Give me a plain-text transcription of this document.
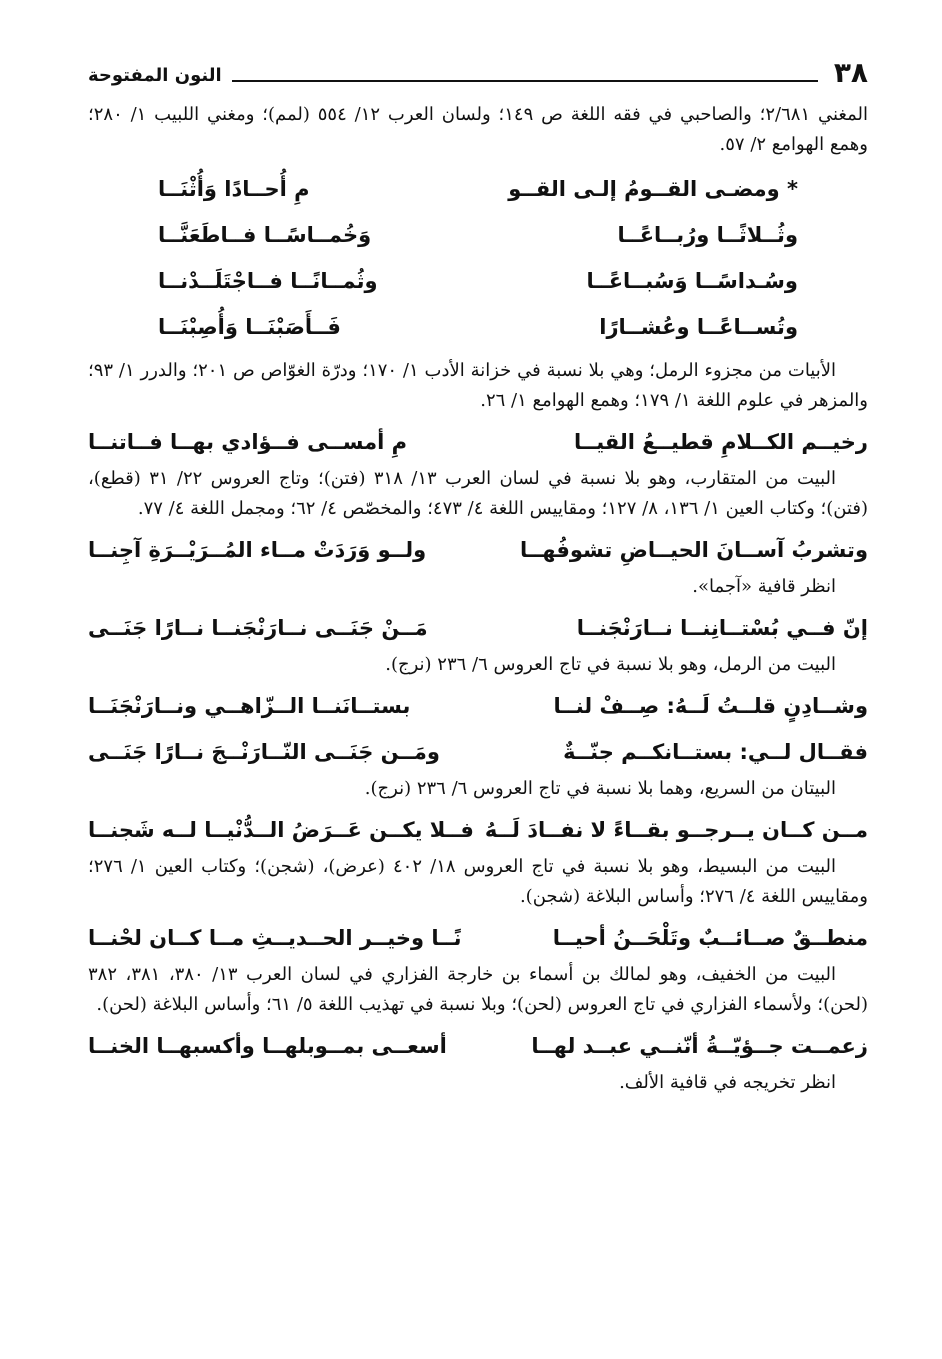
٣٨
النون المفتوحة

المغني ٢/٦٨١؛ والصاحبي في فقه اللغة ص ١٤٩؛ ولسان العرب ١٢/ ٥٥٤ (لمم)؛ ومغني اللبيب ١/ ٢٨٠؛ وهمع الهوامع ٢/ ٥٧.

* ومضـى القــومُ إلـى القــو
مِ أُحــادًا وَأُثْنَــا
وثُــلاثًــا ورُبــاعًــا
وَخُمــاسًــا فــاطَعَنَّــا
وسُـداسًــا وَسُبــاعًــا
وثُمــانًــا فــاجْتَلَــدْنــا
وتُســاعًــا وعُشــارًا
فَــأَصَبْنَــا وَأُصِبْنَــا

الأبيات من مجزوء الرمل؛ وهي بلا نسبة في خزانة الأدب ١/ ١٧٠؛ ودرّة الغوّاص ص ٢٠١؛ والدرر ١/ ٩٣؛ والمزهر في علوم اللغة ١/ ١٧٩؛ وهمع الهوامع ١/ ٢٦.

رخيــم الكــلامِ قطيــعُ القيــا
مِ أمســى فــؤادي بهــا فــاتنــا

البيت من المتقارب، وهو بلا نسبة في لسان العرب ١٣/ ٣١٨ (فتن)؛ وتاج العروس ٢٢/ ٣١ (قطع)، (فتن)؛ وكتاب العين ١/ ١٣٦، ٨/ ١٢٧؛ ومقاييس اللغة ٤/ ٤٧٣؛ والمخصّص ٤/ ٦٢؛ ومجمل اللغة ٤/ ٧٧.

وتشربُ آســانَ الحيــاضِ تشوفُهــا
ولــو وَرَدَتْ مــاء المُــرَيْــرَةِ آجِنــا

انظر قافية «آجما».

إنّ فــي بُسْتــانِنــا نــارَنْجَنــا
مَــنْ جَنَــى نــارَنْجَنــا نــارًا جَنَــى

البيت من الرمل، وهو بلا نسبة في تاج العروس ٦/ ٢٣٦ (نرج).

وشــادِنٍ قلــتُ لَــهُ: صِــفْ لنــا
بستــانَنــا الــزّاهــي ونــارَنْجَنَــا
فقــال لــي: بستــانكــم جنّــةٌ
ومَــن جَنَــى النّــارَنْــجَ نــارًا جَنَــى

البيتان من السريع، وهما بلا نسبة في تاج العروس ٦/ ٢٣٦ (نرج).

مــن كــان يــرجــو بقــاءً لا نفــادَ لَــهُ
فــلا يكــن عَــرَضُ الــدُّنْيــا لــه شَجنــا

البيت من البسيط، وهو بلا نسبة في تاج العروس ١٨/ ٤٠٢ (عرض)، (شجن)؛ وكتاب العين ١/ ٢٧٦؛ ومقاييس اللغة ٤/ ٢٧٦؛ وأساس البلاغة (شجن).

منطــقٌ صــائــبٌ وتَلْحَــنُ أحيــا
نًــا وخيــر الحــديــثِ مــا كــان لحْنــا

البيت من الخفيف، وهو لمالك بن أسماء بن خارجة الفزاري في لسان العرب ١٣/ ٣٨٠، ٣٨١، ٣٨٢ (لحن)؛ ولأسماء الفزاري في تاج العروس (لحن)؛ وبلا نسبة في تهذيب اللغة ٥/ ٦١؛ وأساس البلاغة (لحن).

زعمــت جــؤيّــةُ أنّنــي عبــد لهــا
أسعــى بمــوبلهــا وأكسبهــا الخنــا

انظر تخريجه في قافية الألف.
